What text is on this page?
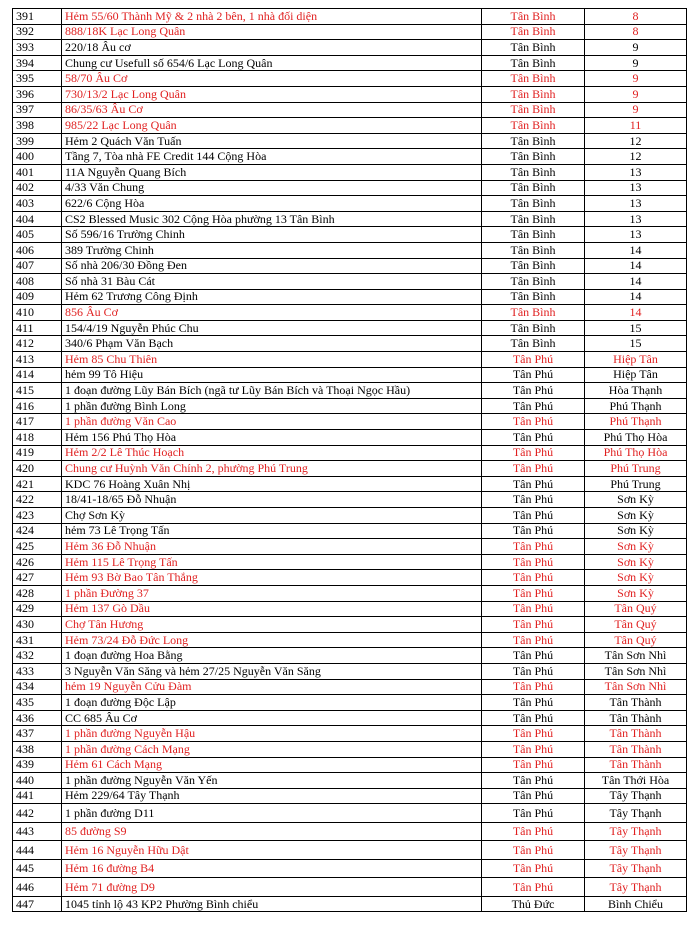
391	Hẻm 55/60 Thành Mỹ & 2 nhà 2 bên, 1 nhà đối diện	Tân Bình	8
392	888/18K Lạc Long Quân	Tân Bình	8
393	220/18 Âu cơ	Tân Bình	9
394	Chung cư Usefull số 654/6 Lạc Long Quân	Tân Bình	9
395	58/70 Âu Cơ	Tân Bình	9
396	730/13/2 Lạc Long Quân	Tân Bình	9
397	86/35/63 Âu Cơ	Tân Bình	9
398	985/22 Lạc Long Quân	Tân Bình	11
399	Hẻm 2 Quách Văn Tuấn	Tân Bình	12
400	Tầng 7, Tòa nhà FE Credit 144 Cộng Hòa	Tân Bình	12
401	11A Nguyễn Quang Bích	Tân Bình	13
402	4/33 Văn Chung	Tân Bình	13
403	622/6 Cộng Hòa	Tân Bình	13
404	CS2 Blessed Music 302 Cộng Hòa phường 13 Tân Bình	Tân Bình	13
405	Số 596/16 Trường Chinh	Tân Bình	13
406	389 Trường Chinh	Tân Bình	14
407	Số nhà 206/30 Đồng Đen	Tân Bình	14
408	Số nhà 31 Bàu Cát	Tân Bình	14
409	Hẻm 62 Trương Công Định	Tân Bình	14
410	856 Âu Cơ	Tân Bình	14
411	154/4/19 Nguyễn Phúc Chu	Tân Bình	15
412	340/6 Phạm Văn Bạch	Tân Bình	15
413	Hẻm 85 Chu Thiên	Tân Phú	Hiệp Tân
414	hẻm 99 Tô Hiệu	Tân Phú	Hiệp Tân
415	1 đoạn đường Lũy Bán Bích (ngã tư Lũy Bán Bích và Thoại Ngọc Hầu)	Tân Phú	Hòa Thạnh
416	1 phần đường Bình Long	Tân Phú	Phú Thạnh
417	1 phần đường Văn Cao	Tân Phú	Phú Thạnh
418	Hẻm 156 Phú Thọ Hòa	Tân Phú	Phú Thọ Hòa
419	Hẻm 2/2 Lê Thúc Hoạch	Tân Phú	Phú Thọ Hòa
420	Chung cư Huỳnh Văn Chính 2, phường Phú Trung	Tân Phú	Phú Trung
421	KDC 76 Hoàng Xuân Nhị	Tân Phú	Phú Trung
422	18/41-18/65 Đỗ Nhuận	Tân Phú	Sơn Kỳ
423	Chợ Sơn Kỳ	Tân Phú	Sơn Kỳ
424	hẻm 73 Lê Trọng Tấn	Tân Phú	Sơn Kỳ
425	Hẻm 36 Đỗ Nhuận	Tân Phú	Sơn Kỳ
426	Hẻm 115 Lê Trọng Tấn	Tân Phú	Sơn Kỳ
427	Hẻm 93 Bờ Bao Tân Thắng	Tân Phú	Sơn Kỳ
428	1 phần Đường 37	Tân Phú	Sơn Kỳ
429	Hẻm 137 Gò Dầu	Tân Phú	Tân Quý
430	Chợ Tân Hương	Tân Phú	Tân Quý
431	Hẻm 73/24 Đỗ Đức Long	Tân Phú	Tân Quý
432	1 đoạn đường Hoa Bằng	Tân Phú	Tân Sơn Nhì
433	3 Nguyễn Văn Săng và hẻm 27/25 Nguyễn Văn Săng	Tân Phú	Tân Sơn Nhì
434	hẻm 19 Nguyễn Cửu Đàm	Tân Phú	Tân Sơn Nhì
435	1 đoạn đường Độc Lập	Tân Phú	Tân Thành
436	CC 685 Âu Cơ	Tân Phú	Tân Thành
437	1 phần đường Nguyễn Hậu	Tân Phú	Tân Thành
438	1 phần đường Cách Mạng	Tân Phú	Tân Thành
439	Hẻm 61 Cách Mạng	Tân Phú	Tân Thành
440	1 phần đường Nguyễn Văn Yến	Tân Phú	Tân Thới Hòa
441	Hẻm 229/64 Tây Thạnh	Tân Phú	Tây Thạnh
442	1 phần đường D11	Tân Phú	Tây Thạnh
443	85 đường S9	Tân Phú	Tây Thạnh
444	Hẻm 16 Nguyễn Hữu Dật	Tân Phú	Tây Thạnh
445	Hẻm 16 đường B4	Tân Phú	Tây Thạnh
446	Hẻm 71 đường D9	Tân Phú	Tây Thạnh
447	1045 tỉnh lộ 43 KP2 Phường Bình chiểu	Thủ Đức	Bình Chiểu
